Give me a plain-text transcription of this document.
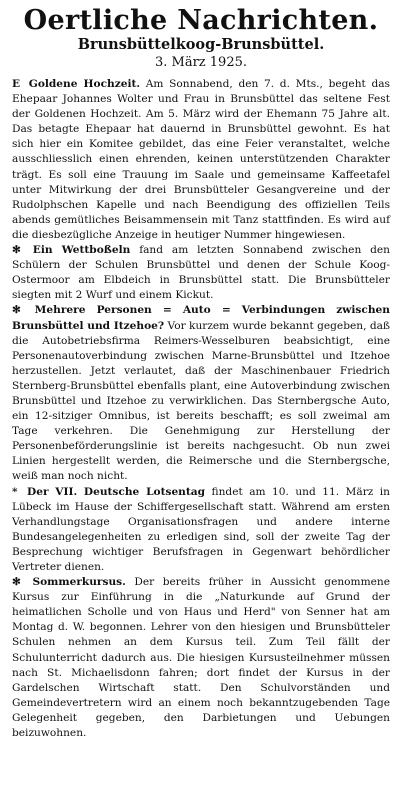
Oertliche Nachrichten.
Brunsbüttelkoog-Brunsbüttel.
3. März 1925.

E Goldene Hochzeit. Am Sonnabend, den 7. d. Mts., begeht das Ehepaar Johannes Wolter und Frau in Brunsbüttel das seltene Fest der Goldenen Hochzeit. Am 5. März wird der Ehemann 75 Jahre alt. Das betagte Ehepaar hat dauernd in Brunsbüttel gewohnt. Es hat sich hier ein Komitee gebildet, das eine Feier veranstaltet, welche ausschliesslich einen ehrenden, keinen unterstützenden Charakter trägt. Es soll eine Trauung im Saale und gemeinsame Kaffeetafel unter Mitwirkung der drei Brunsbütteler Gesangvereine und der Rudolphschen Kapelle und nach Beendigung des offiziellen Teils abends gemütliches Beisammensein mit Tanz stattfinden. Es wird auf die diesbezügliche Anzeige in heutiger Nummer hingewiesen.

✻ Ein Wettboßeln fand am letzten Sonnabend zwischen den Schülern der Schulen Brunsbüttel und denen der Schule Koog-Ostermoor am Elbdeich in Brunsbüttel statt. Die Brunsbütteler siegten mit 2 Wurf und einem Kickut.

✻ Mehrere Personen = Auto = Verbindungen zwischen Brunsbüttel und Itzehoe? Vor kurzem wurde bekannt gegeben, daß die Autobetriebsfirma Reimers-Wesselburen beabsichtigt, eine Personenautoverbindung zwischen Marne-Brunsbüttel und Itzehoe herzustellen. Jetzt verlautet, daß der Maschinenbauer Friedrich Sternberg-Brunsbüttel ebenfalls plant, eine Autoverbindung zwischen Brunsbüttel und Itzehoe zu verwirklichen. Das Sternbergsche Auto, ein 12-sitziger Omnibus, ist bereits beschafft; es soll zweimal am Tage verkehren. Die Genehmigung zur Herstellung der Personenbeförderungslinie ist bereits nachgesucht. Ob nun zwei Linien hergestellt werden, die Reimersche und die Sternbergsche, weiß man noch nicht.

* Der VII. Deutsche Lotsentag findet am 10. und 11. März in Lübeck im Hause der Schiffergesellschaft statt. Während am ersten Verhandlungstage Organisationsfragen und andere interne Bundesangelegenheiten zu erledigen sind, soll der zweite Tag der Besprechung wichtiger Berufsfragen in Gegenwart behördlicher Vertreter dienen.

✻ Sommerkursus. Der bereits früher in Aussicht genommene Kursus zur Einführung in die „Naturkunde auf Grund der heimatlichen Scholle und von Haus und Herd" von Senner hat am Montag d. W. begonnen. Lehrer von den hiesigen und Brunsbütteler Schulen nehmen an dem Kursus teil. Zum Teil fällt der Schulunterricht dadurch aus. Die hiesigen Kursusteilnehmer müssen nach St. Michaelisdonn fahren; dort findet der Kursus in der Gardelschen Wirtschaft statt. Den Schulvorständen und Gemeindevertretern wird an einem noch bekanntzugebenden Tage Gelegenheit gegeben, den Darbietungen und Uebungen beizuwohnen.
